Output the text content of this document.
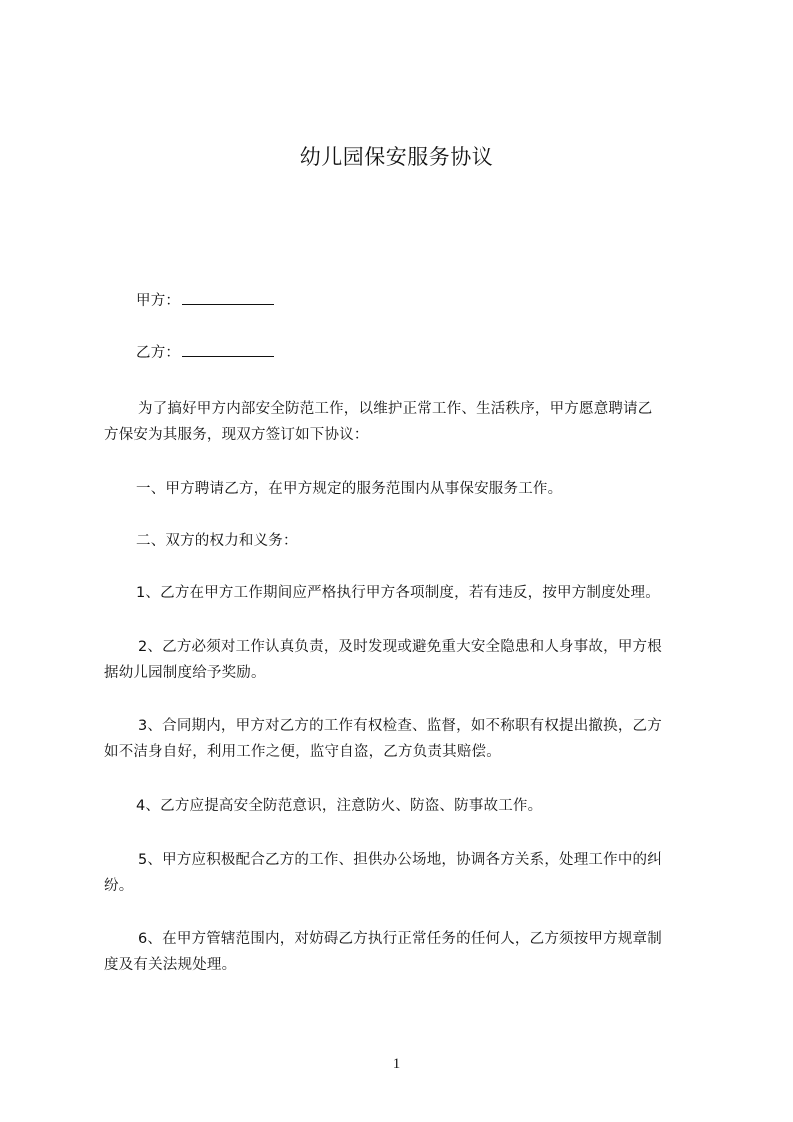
幼儿园保安服务协议

甲方：

乙方：

为了搞好甲方内部安全防范工作，以维护正常工作、生活秩序，甲方愿意聘请乙
方保安为其服务，现双方签订如下协议：

一、甲方聘请乙方，在甲方规定的服务范围内从事保安服务工作。

二、双方的权力和义务：

1、乙方在甲方工作期间应严格执行甲方各项制度，若有违反，按甲方制度处理。

2、乙方必须对工作认真负责，及时发现或避免重大安全隐患和人身事故，甲方根
据幼儿园制度给予奖励。

3、合同期内，甲方对乙方的工作有权检查、监督，如不称职有权提出撤换，乙方
如不洁身自好，利用工作之便，监守自盗，乙方负责其赔偿。

4、乙方应提高安全防范意识，注意防火、防盗、防事故工作。

5、甲方应积极配合乙方的工作、担供办公场地，协调各方关系，处理工作中的纠
纷。

6、在甲方管辖范围内，对妨碍乙方执行正常任务的任何人，乙方须按甲方规章制
度及有关法规处理。

1
